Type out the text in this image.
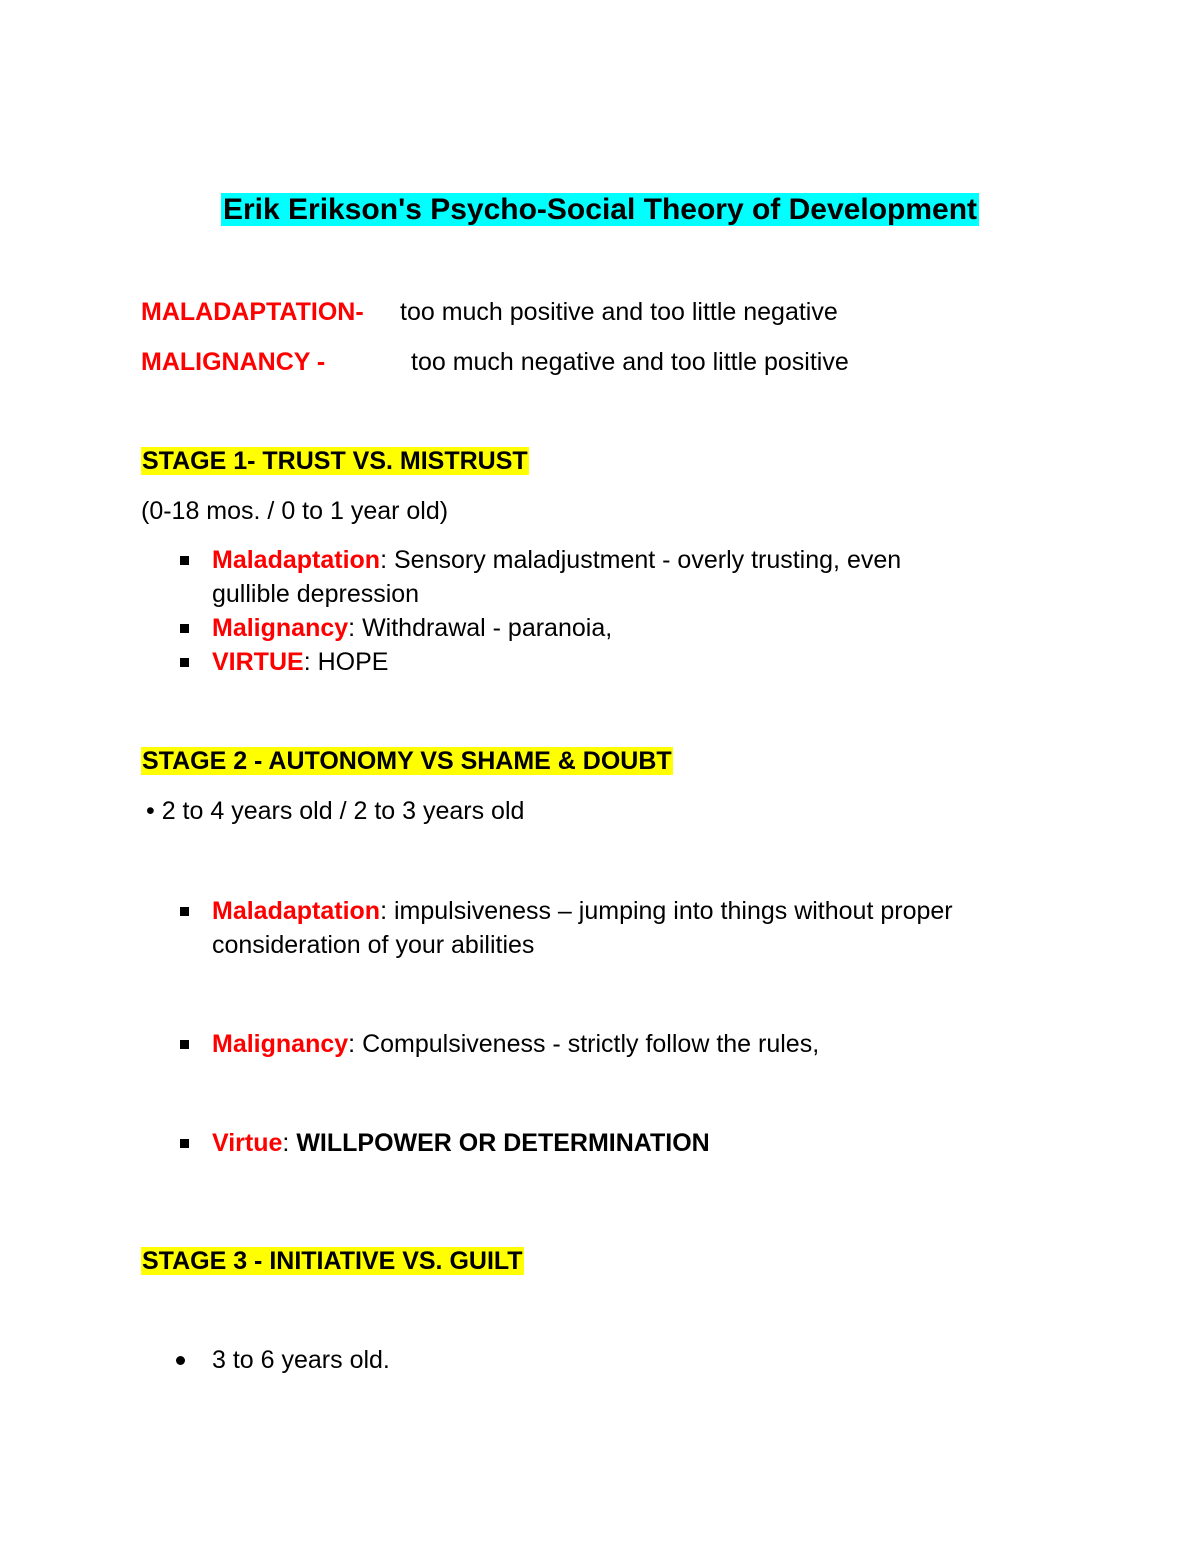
Erik Erikson's Psycho-Social Theory of Development
MALADAPTATION- too much positive and too little negative
MALIGNANCY -	too much negative and too little positive
STAGE 1- TRUST VS. MISTRUST
(0-18 mos. / 0 to 1 year old)
Maladaptation: Sensory maladjustment - overly trusting, even
gullible depression
Malignancy: Withdrawal - paranoia,
VIRTUE: HOPE
STAGE 2 - AUTONOMY VS SHAME & DOUBT
• 2 to 4 years old / 2 to 3 years old
Maladaptation: impulsiveness – jumping into things without proper
consideration of your abilities
Malignancy: Compulsiveness - strictly follow the rules,
Virtue: WILLPOWER OR DETERMINATION
STAGE 3 - INITIATIVE VS. GUILT
3 to 6 years old.
